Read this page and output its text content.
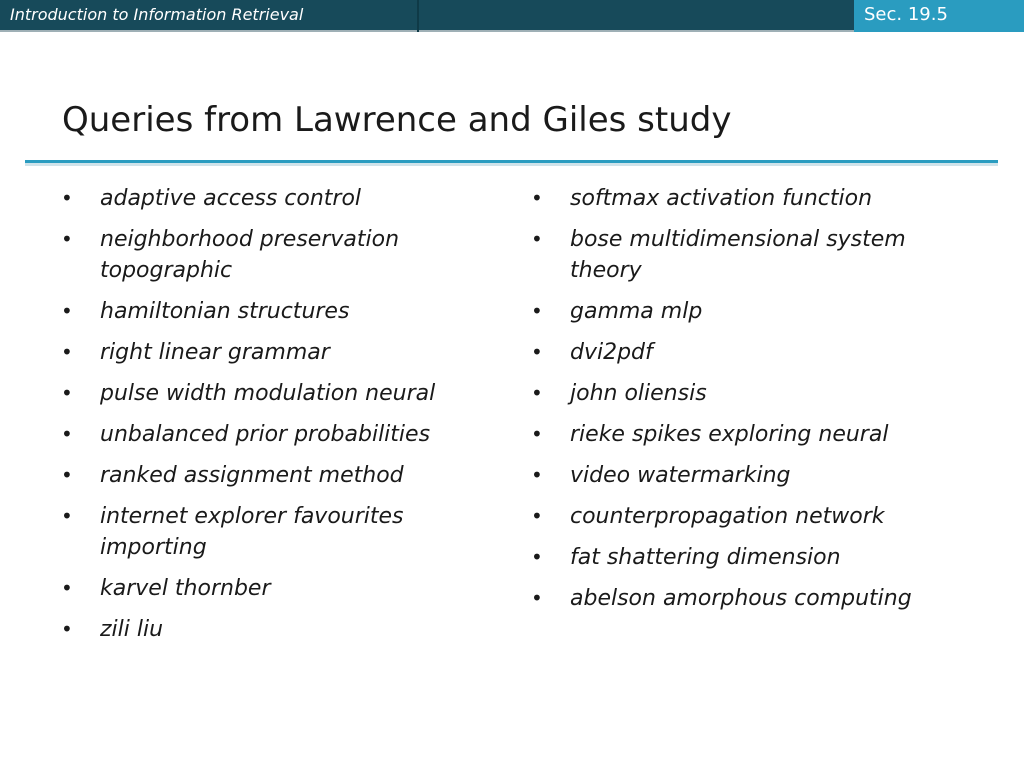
Introduction to Information Retrieval	Sec. 19.5
Queries from Lawrence and Giles study
• adaptive access control
• neighborhood preservation topographic
• hamiltonian structures
• right linear grammar
• pulse width modulation neural
• unbalanced prior probabilities
• ranked assignment method
• internet explorer favourites importing
• karvel thornber
• zili liu
• softmax activation function
• bose multidimensional system theory
• gamma mlp
• dvi2pdf
• john oliensis
• rieke spikes exploring neural
• video watermarking
• counterpropagation network
• fat shattering dimension
• abelson amorphous computing
